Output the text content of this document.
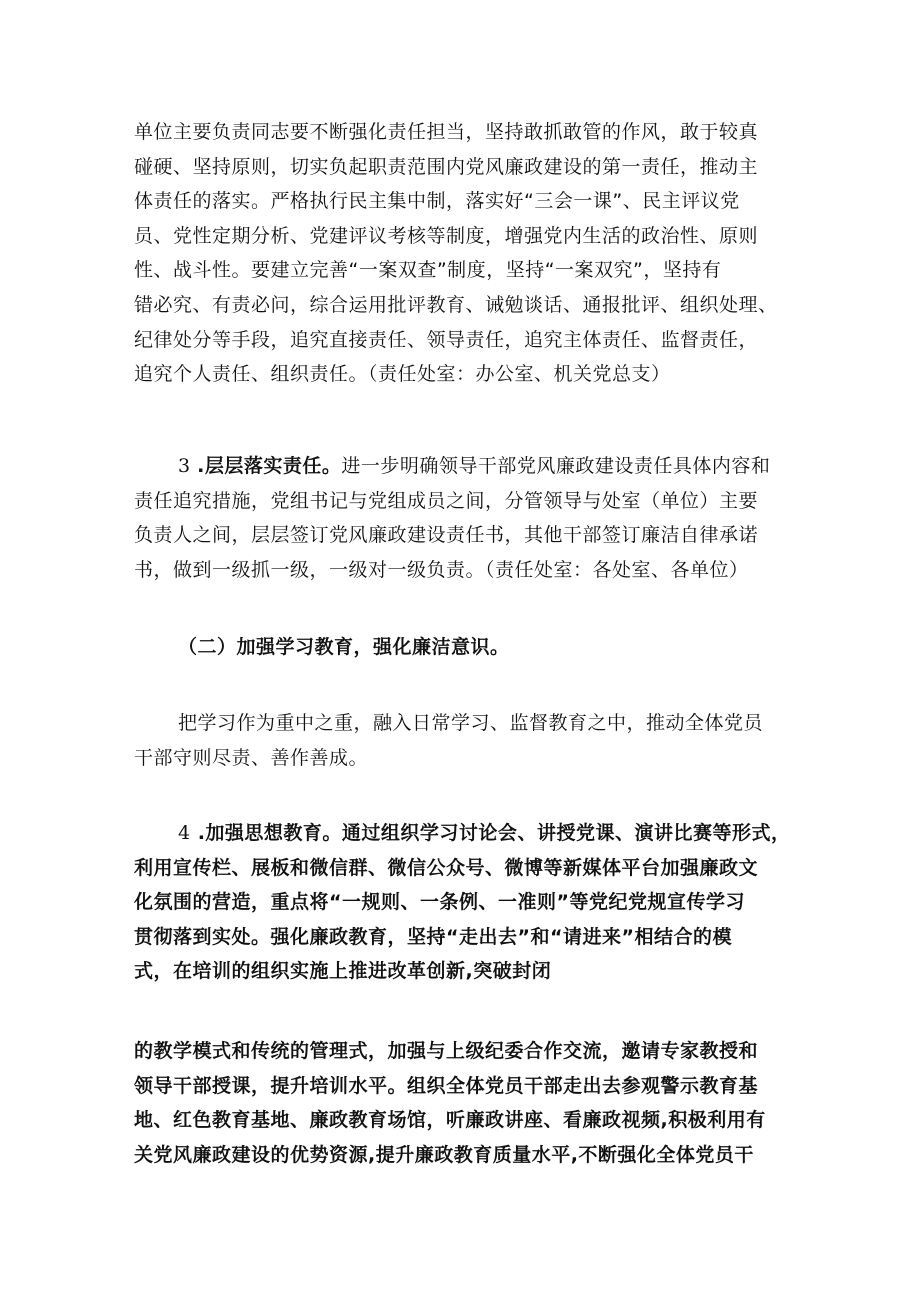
单位主要负责同志要不断强化责任担当，坚持敢抓敢管的作风，敢于较真
碰硬、坚持原则，切实负起职责范围内党风廉政建设的第一责任，推动主
体责任的落实。严格执行民主集中制，落实好“三会一课”、民主评议党
员、党性定期分析、党建评议考核等制度，增强党内生活的政治性、原则
性、战斗性。要建立完善“一案双查”制度，坚持“一案双究”，坚持有
错必究、有责必问，综合运用批评教育、诫勉谈话、通报批评、组织处理、
纪律处分等手段，追究直接责任、领导责任，追究主体责任、监督责任，
追究个人责任、组织责任。（责任处室：办公室、机关党总支）
3 .层层落实责任。进一步明确领导干部党风廉政建设责任具体内容和
责任追究措施，党组书记与党组成员之间，分管领导与处室（单位）主要
负责人之间，层层签订党风廉政建设责任书，其他干部签订廉洁自律承诺
书，做到一级抓一级，一级对一级负责。（责任处室：各处室、各单位）
（二）加强学习教育，强化廉洁意识。
把学习作为重中之重，融入日常学习、监督教育之中，推动全体党员
干部守则尽责、善作善成。
4 .加强思想教育。通过组织学习讨论会、讲授党课、演讲比赛等形式，
利用宣传栏、展板和微信群、微信公众号、微博等新媒体平台加强廉政文
化氛围的营造，重点将“一规则、一条例、一准则”等党纪党规宣传学习
贯彻落到实处。强化廉政教育，坚持“走出去”和“请进来”相结合的模
式，在培训的组织实施上推进改革创新,突破封闭
的教学模式和传统的管理式，加强与上级纪委合作交流，邀请专家教授和
领导干部授课，提升培训水平。组织全体党员干部走出去参观警示教育基
地、红色教育基地、廉政教育场馆，听廉政讲座、看廉政视频,积极利用有
关党风廉政建设的优势资源,提升廉政教育质量水平,不断强化全体党员干
